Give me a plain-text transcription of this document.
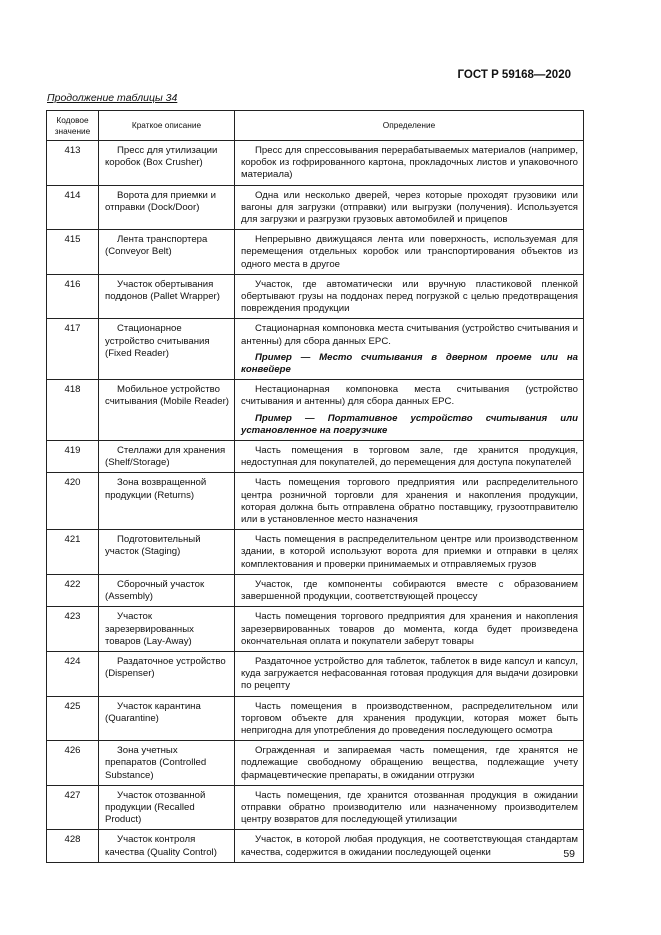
ГОСТ Р 59168—2020
Продолжение таблицы 34
Кодовое значение	Краткое описание	Определение
413	Пресс для утилизации коробок (Box Crusher)	Пресс для спрессовывания перерабатываемых материалов (например, коробок из гофрированного картона, прокладочных листов и упаковочного материала)

414	Ворота для приемки и отправки (Dock/Door)	Одна или несколько дверей, через которые проходят грузовики или вагоны для загрузки (отправки) или выгрузки (получения). Используется для загрузки и разгрузки грузовых автомобилей и прицепов

415	Лента транспортера (Conveyor Belt)	Непрерывно движущаяся лента или поверхность, используемая для перемещения отдельных коробок или транспортирования объектов из одного места в другое

416	Участок обертывания поддонов (Pallet Wrapper)	Участок, где автоматически или вручную пластиковой пленкой обертывают грузы на поддонах перед погрузкой с целью предотвращения повреждения продукции

417	Стационарное устройство считывания (Fixed Reader)	Стационарная компоновка места считывания (устройство считывания и антенны) для сбора данных EPC.
Пример — Место считывания в дверном проеме или на конвейере

418	Мобильное устройство считывания (Mobile Reader)	Нестационарная компоновка места считывания (устройство считывания и антенны) для сбора данных EPC.
Пример — Портативное устройство считывания или установленное на погрузчике

419	Стеллажи для хранения (Shelf/Storage)	Часть помещения в торговом зале, где хранится продукция, недоступная для покупателей, до перемещения для доступа покупателей

420	Зона возвращенной продукции (Returns)	Часть помещения торгового предприятия или распределительного центра розничной торговли для хранения и накопления продукции, которая должна быть отправлена обратно поставщику, грузоотправителю или в установленное место назначения

421	Подготовительный участок (Staging)	Часть помещения в распределительном центре или производственном здании, в которой используют ворота для приемки и отправки в целях комплектования и проверки принимаемых и отправляемых грузов

422	Сборочный участок (Assembly)	Участок, где компоненты собираются вместе с образованием завершенной продукции, соответствующей процессу

423	Участок зарезервированных товаров (Lay-Away)	Часть помещения торгового предприятия для хранения и накопления зарезервированных товаров до момента, когда будет произведена окончательная оплата и покупатели заберут товары

424	Раздаточное устройство (Dispenser)	Раздаточное устройство для таблеток, таблеток в виде капсул и капсул, куда загружается нефасованная готовая продукция для выдачи дозировки по рецепту

425	Участок карантина (Quarantine)	Часть помещения в производственном, распределительном или торговом объекте для хранения продукции, которая может быть непригодна для употребления до проведения последующего осмотра

426	Зона учетных препаратов (Controlled Substance)	Огражденная и запираемая часть помещения, где хранятся не подлежащие свободному обращению вещества, подлежащие учету фармацевтические препараты, в ожидании отгрузки

427	Участок отозванной продукции (Recalled Product)	Часть помещения, где хранится отозванная продукция в ожидании отправки обратно производителю или назначенному производителем центру возвратов для последующей утилизации

428	Участок контроля качества (Quality Control)	Участок, в которой любая продукция, не соответствующая стандартам качества, содержится в ожидании последующей оценки	59
